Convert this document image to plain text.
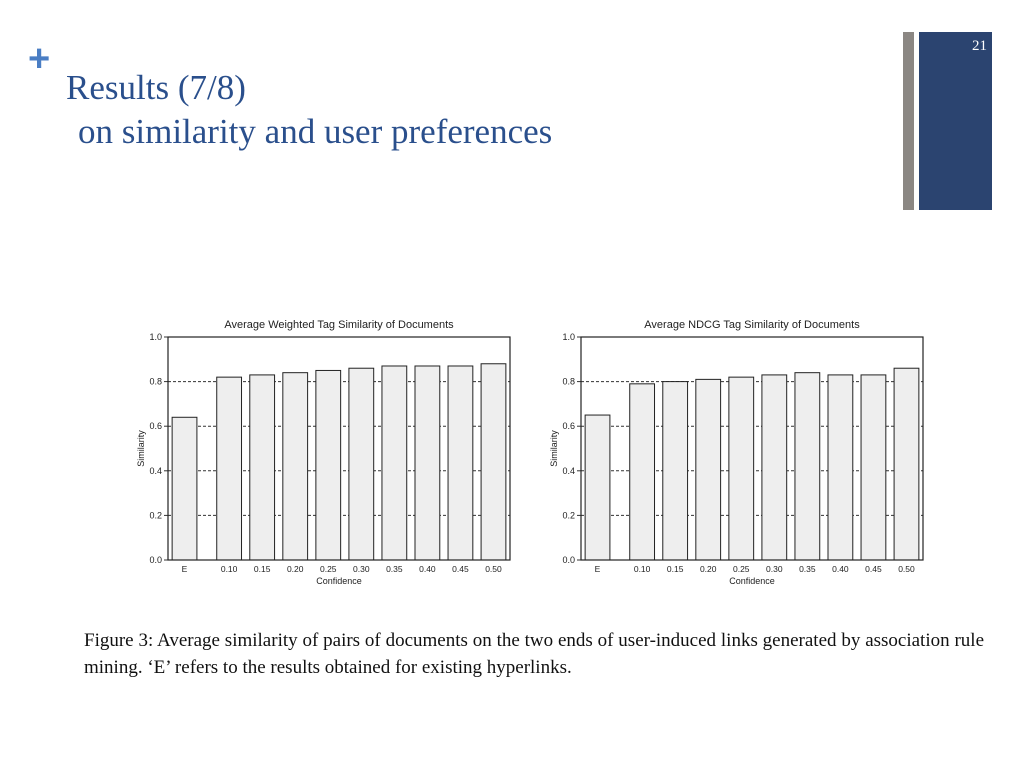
+
Results (7/8)
on similarity and user preferences
21
Average Weighted Tag Similarity of Documents
0.0
0.2
0.4
0.6
0.8
1.0
E	0.10 0.15 0.20 0.25 0.30 0.35 0.40 0.45 0.50
Confidence
Similarity
Average NDCG Tag Similarity of Documents
0.0
0.2
0.4
0.6
0.8
1.0
E	0.10 0.15 0.20 0.25 0.30 0.35 0.40 0.45 0.50
Confidence
Similarity
Figure 3: Average similarity of pairs of documents on the two ends of user-induced links generated by association rule mining. ‘E’ refers to the results obtained for existing hyperlinks.
